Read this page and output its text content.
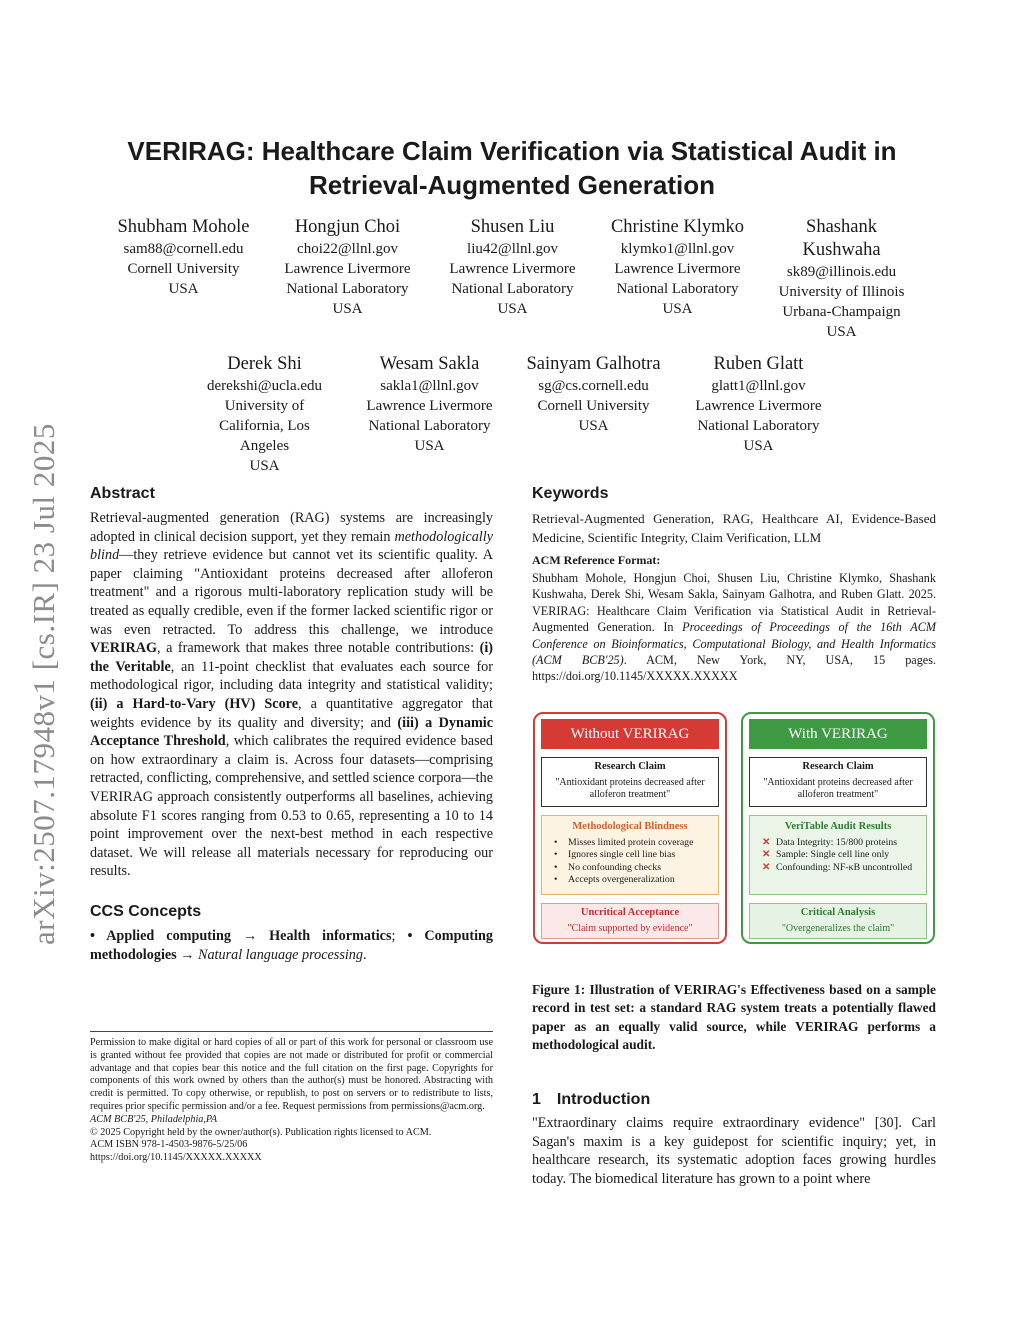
arXiv:2507.17948v1 [cs.IR] 23 Jul 2025
VERIRAG: Healthcare Claim Verification via Statistical Audit in
Retrieval-Augmented Generation
Shubham Mohole
sam88@cornell.edu
Cornell University
USA
Hongjun Choi
choi22@llnl.gov
Lawrence Livermore
National Laboratory
USA
Shusen Liu
liu42@llnl.gov
Lawrence Livermore
National Laboratory
USA
Christine Klymko
klymko1@llnl.gov
Lawrence Livermore
National Laboratory
USA
Shashank
Kushwaha
sk89@illinois.edu
University of Illinois
Urbana-Champaign
USA
Derek Shi
derekshi@ucla.edu
University of
California, Los
Angeles
USA
Wesam Sakla
sakla1@llnl.gov
Lawrence Livermore
National Laboratory
USA
Sainyam Galhotra
sg@cs.cornell.edu
Cornell University
USA
Ruben Glatt
glatt1@llnl.gov
Lawrence Livermore
National Laboratory
USA
Abstract

Retrieval-augmented generation (RAG) systems are increasingly adopted in clinical decision support, yet they remain methodologically blind—they retrieve evidence but cannot vet its scientific quality. A paper claiming "Antioxidant proteins decreased after alloferon treatment" and a rigorous multi-laboratory replication study will be treated as equally credible, even if the former lacked scientific rigor or was even retracted. To address this challenge, we introduce VERIRAG, a framework that makes three notable contributions: (i) the Veritable, an 11-point checklist that evaluates each source for methodological rigor, including data integrity and statistical validity; (ii) a Hard-to-Vary (HV) Score, a quantitative aggregator that weights evidence by its quality and diversity; and (iii) a Dynamic Acceptance Threshold, which calibrates the required evidence based on how extraordinary a claim is. Across four datasets—comprising retracted, conflicting, comprehensive, and settled science corpora—the VERIRAG approach consistently outperforms all baselines, achieving absolute F1 scores ranging from 0.53 to 0.65, representing a 10 to 14 point improvement over the next-best method in each respective dataset. We will release all materials necessary for reproducing our results.

CCS Concepts

• Applied computing → Health informatics; • Computing methodologies → Natural language processing.

Permission to make digital or hard copies of all or part of this work for personal or classroom use is granted without fee provided that copies are not made or distributed for profit or commercial advantage and that copies bear this notice and the full citation on the first page. Copyrights for components of this work owned by others than the author(s) must be honored. Abstracting with credit is permitted. To copy otherwise, or republish, to post on servers or to redistribute to lists, requires prior specific permission and/or a fee. Request permissions from permissions@acm.org.

ACM BCB'25, Philadelphia,PA

© 2025 Copyright held by the owner/author(s). Publication rights licensed to ACM.

ACM ISBN 978-1-4503-9876-5/25/06

https://doi.org/10.1145/XXXXX.XXXXX

Keywords

Retrieval-Augmented Generation, RAG, Healthcare AI, Evidence-Based Medicine, Scientific Integrity, Claim Verification, LLM

ACM Reference Format:

Shubham Mohole, Hongjun Choi, Shusen Liu, Christine Klymko, Shashank Kushwaha, Derek Shi, Wesam Sakla, Sainyam Galhotra, and Ruben Glatt. 2025. VERIRAG: Healthcare Claim Verification via Statistical Audit in Retrieval-Augmented Generation. In Proceedings of Proceedings of the 16th ACM Conference on Bioinformatics, Computational Biology, and Health Informatics (ACM BCB'25). ACM, New York, NY, USA, 15 pages. https://doi.org/10.1145/XXXXX.XXXXX

Without VERIRAG
Research Claim
"Antioxidant proteins decreased after alloferon treatment"
Methodological Blindness
• Misses limited protein coverage
• Ignores single cell line bias
• No confounding checks
• Accepts overgeneralization
Uncritical Acceptance
"Claim supported by evidence"
With VERIRAG
Research Claim
"Antioxidant proteins decreased after alloferon treatment"
VeriTable Audit Results
✕ Data Integrity: 15/800 proteins
✕ Sample: Single cell line only
✕ Confounding: NF-κB uncontrolled
Critical Analysis
"Overgeneralizes the claim"

Figure 1: Illustration of VERIRAG's Effectiveness based on a sample record in test set: a standard RAG system treats a potentially flawed paper as an equally valid source, while VERIRAG performs a methodological audit.

1 Introduction

"Extraordinary claims require extraordinary evidence" [30]. Carl Sagan's maxim is a key guidepost for scientific inquiry; yet, in healthcare research, its systematic adoption faces growing hurdles today. The biomedical literature has grown to a point where
